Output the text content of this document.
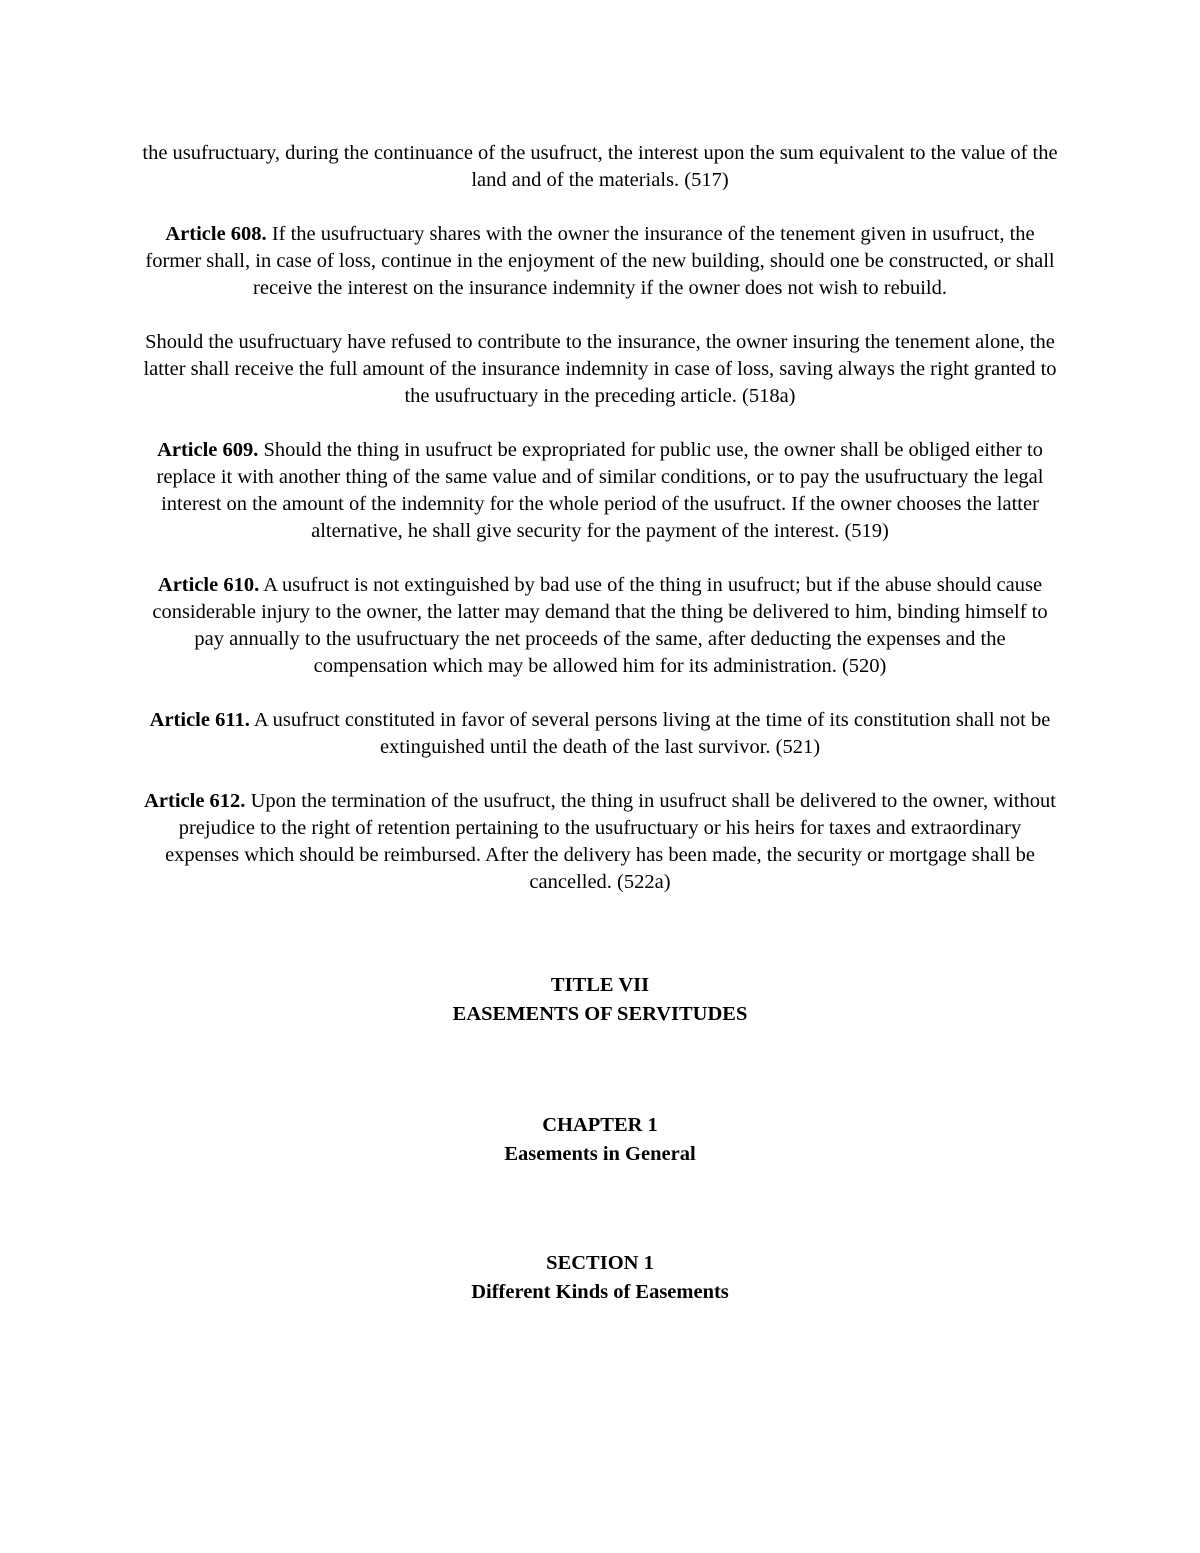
the usufructuary, during the continuance of the usufruct, the interest upon the sum equivalent to the value of the land and of the materials. (517)

Article 608. If the usufructuary shares with the owner the insurance of the tenement given in usufruct, the former shall, in case of loss, continue in the enjoyment of the new building, should one be constructed, or shall receive the interest on the insurance indemnity if the owner does not wish to rebuild.

Should the usufructuary have refused to contribute to the insurance, the owner insuring the tenement alone, the latter shall receive the full amount of the insurance indemnity in case of loss, saving always the right granted to the usufructuary in the preceding article. (518a)

Article 609. Should the thing in usufruct be expropriated for public use, the owner shall be obliged either to replace it with another thing of the same value and of similar conditions, or to pay the usufructuary the legal interest on the amount of the indemnity for the whole period of the usufruct. If the owner chooses the latter alternative, he shall give security for the payment of the interest. (519)

Article 610. A usufruct is not extinguished by bad use of the thing in usufruct; but if the abuse should cause considerable injury to the owner, the latter may demand that the thing be delivered to him, binding himself to pay annually to the usufructuary the net proceeds of the same, after deducting the expenses and the compensation which may be allowed him for its administration. (520)

Article 611. A usufruct constituted in favor of several persons living at the time of its constitution shall not be extinguished until the death of the last survivor. (521)

Article 612. Upon the termination of the usufruct, the thing in usufruct shall be delivered to the owner, without prejudice to the right of retention pertaining to the usufructuary or his heirs for taxes and extraordinary expenses which should be reimbursed. After the delivery has been made, the security or mortgage shall be cancelled. (522a)

TITLE VII
EASEMENTS OF SERVITUDES
CHAPTER 1
Easements in General
SECTION 1
Different Kinds of Easements
